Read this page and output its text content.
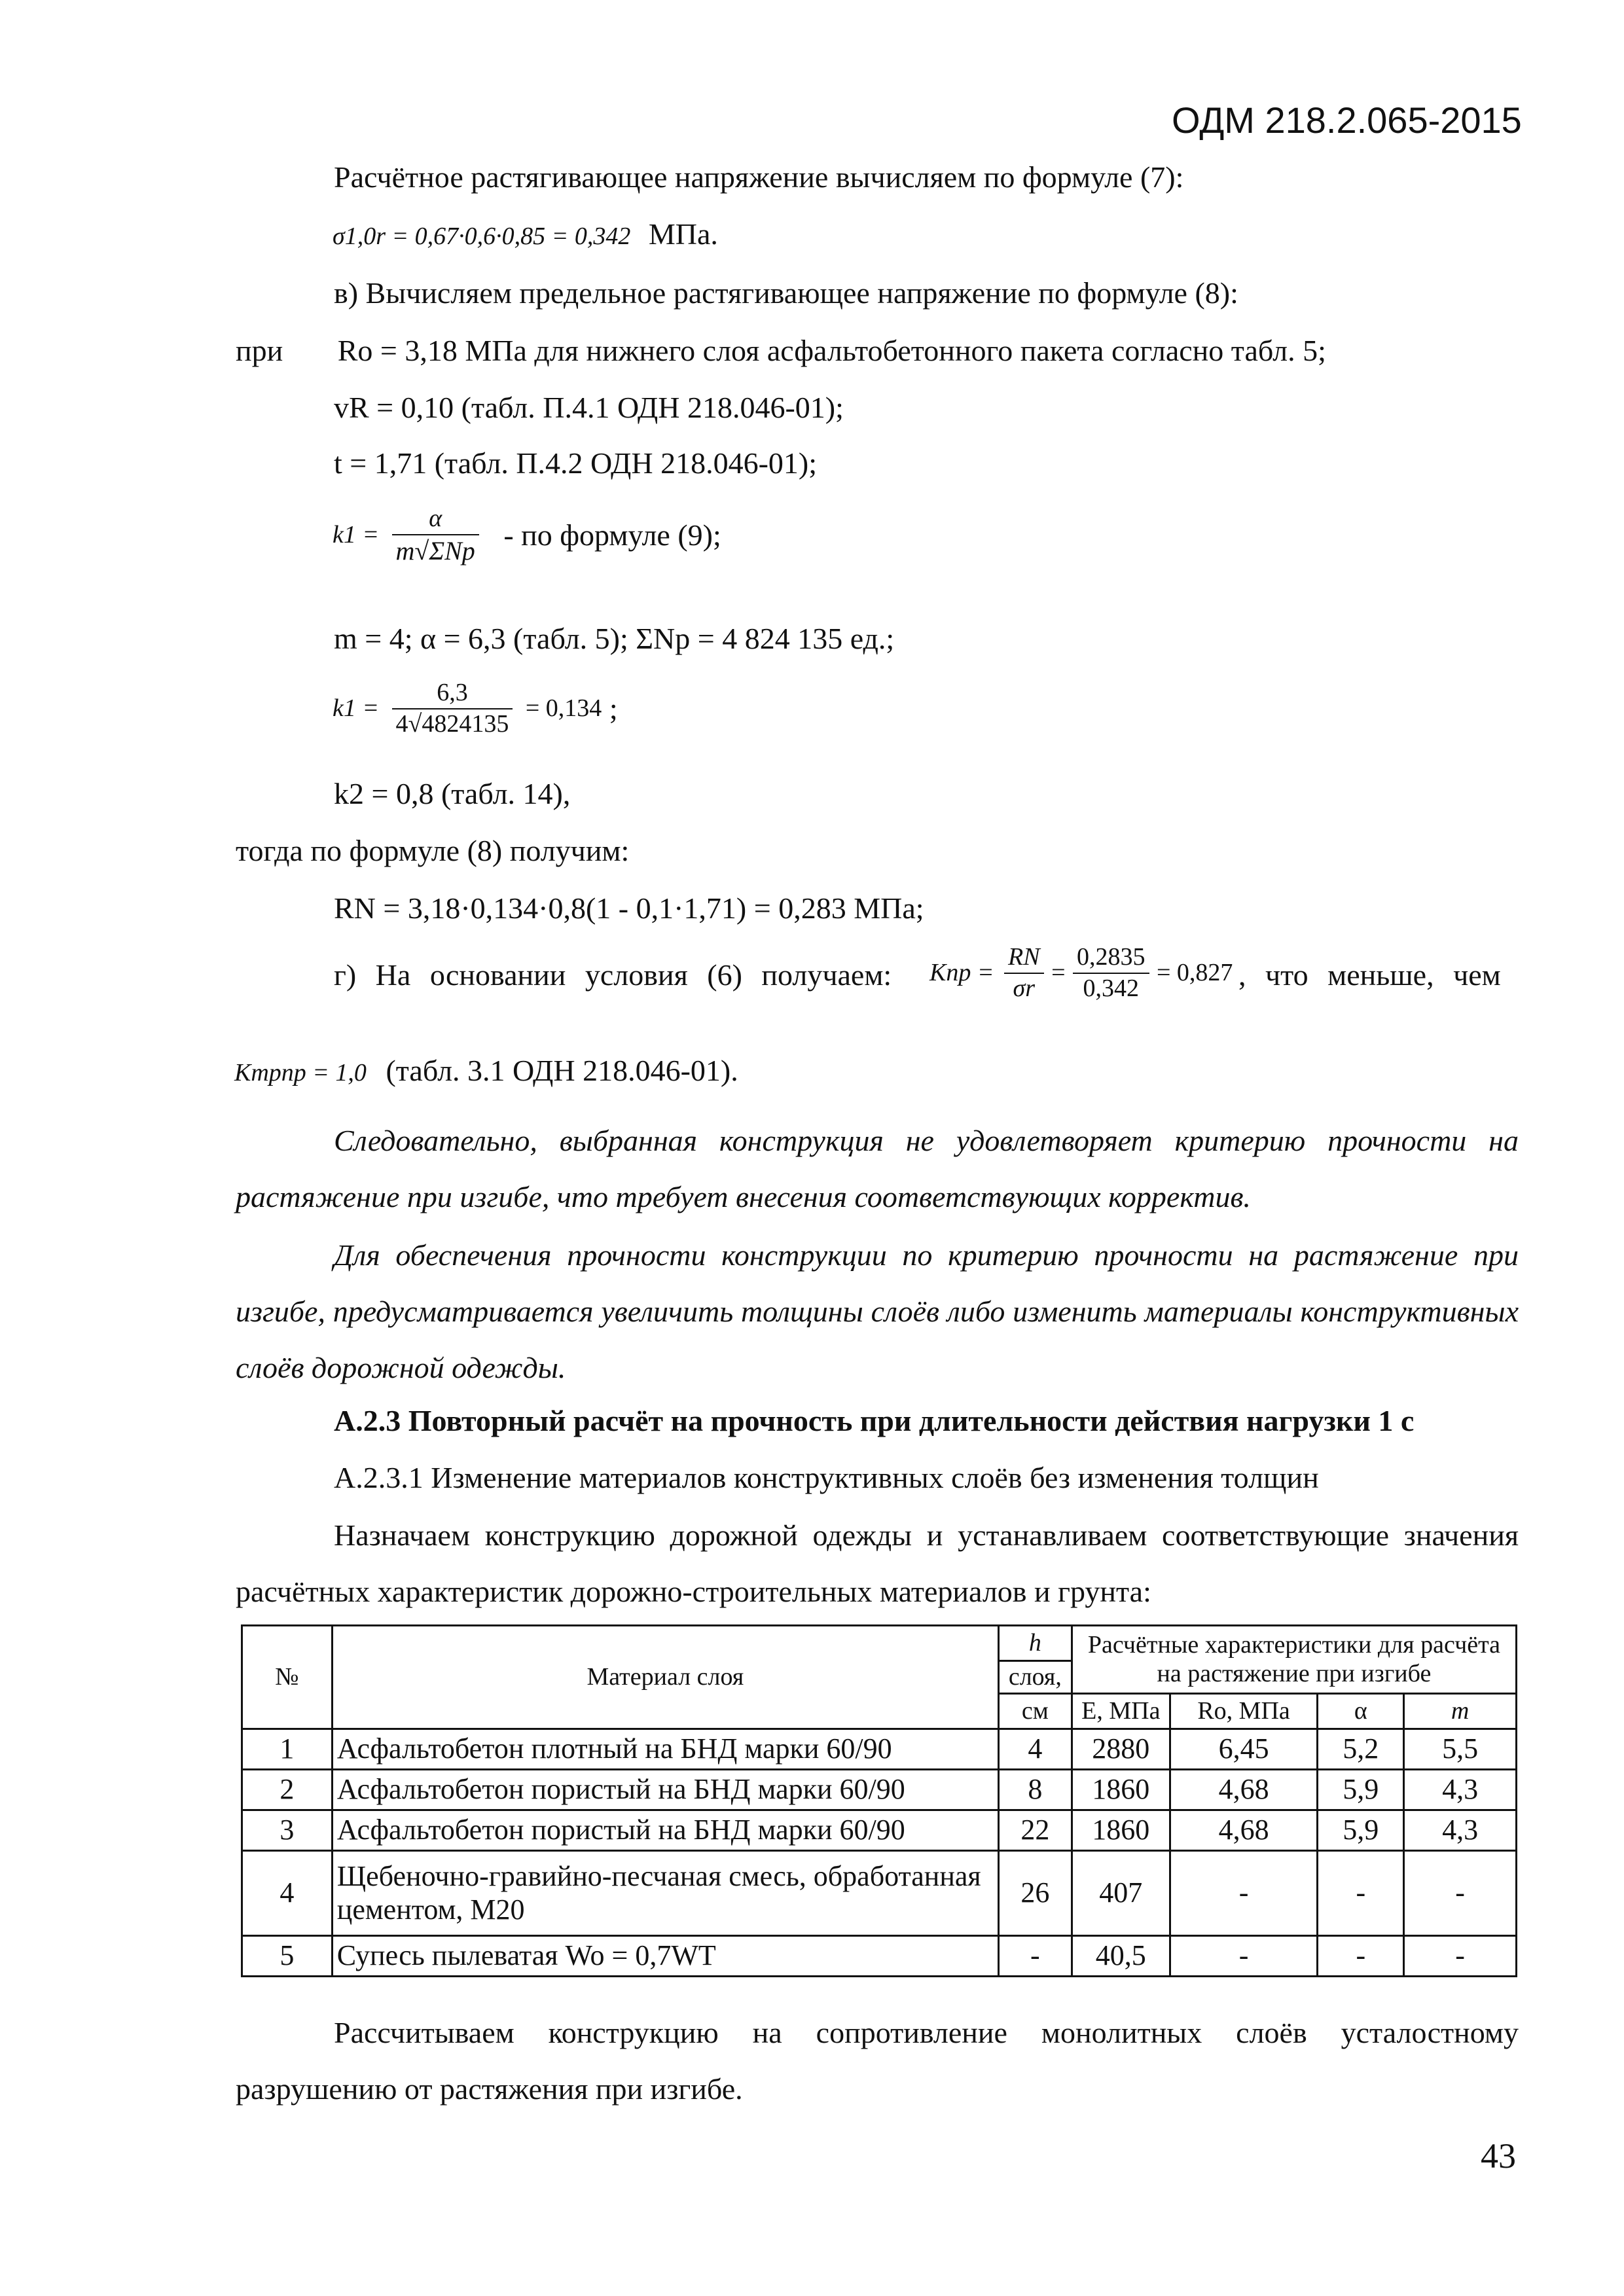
ОДМ 218.2.065-2015
Расчётное растягивающее напряжение вычисляем по формуле (7):
σ1,0r = 0,67·0,6·0,85 = 0,342 МПа.
в) Вычисляем предельное растягивающее напряжение по формуле (8):
при Ro = 3,18 МПа для нижнего слоя асфальтобетонного пакета согласно табл. 5;
vR = 0,10 (табл. П.4.1 ОДН 218.046-01);
t = 1,71 (табл. П.4.2 ОДН 218.046-01);
$k1 = \frac{\alpha}{\text{m√ΣNp}}$ - по формуле (9);
m = 4; α = 6,3 (табл. 5); ΣNp = 4 824 135 ед.;
$k1 = \frac{6,3}{4√4824135} = 0,134$ ;
k2 = 0,8 (табл. 14),
тогда по формуле (8) получим:
RN = 3,18·0,134·0,8(1 - 0,1·1,71) = 0,283 МПа;
г) На основании условия (6) получаем: Kпр = $\frac{RN}{\sigma r} = \frac{0,2835}{0,342} = 0,827$ , что меньше, чем
Kтрпр = 1,0 (табл. 3.1 ОДН 218.046-01).
Следовательно, выбранная конструкция не удовлетворяет критерию прочности на растяжение при изгибе, что требует внесения соответствующих корректив.
Для обеспечения прочности конструкции по критерию прочности на растяжение при изгибе, предусматривается увеличить толщины слоёв либо изменить материалы конструктивных слоёв дорожной одежды.
А.2.3 Повторный расчёт на прочность при длительности действия нагрузки 1 с
А.2.3.1 Изменение материалов конструктивных слоёв без изменения толщин
Назначаем конструкцию дорожной одежды и устанавливаем соответствующие значения расчётных характеристик дорожно-строительных материалов и грунта:
№	Материал слоя	h	Расчётные характеристики для расчёта на растяжение при изгибе			
		слоя,				
		см	E, МПа	Ro, МПа	α	m
1	Асфальтобетон плотный на БНД марки 60/90	4	2880	6,45	5,2	5,5
2	Асфальтобетон пористый на БНД марки 60/90	8	1860	4,68	5,9	4,3
3	Асфальтобетон пористый на БНД марки 60/90	22	1860	4,68	5,9	4,3
4	Щебеночно-гравийно-песчаная смесь, обработанная цементом, М20	26	407	-	-	-
5	Супесь пылеватая Wo = 0,7WT	-	40,5	-	-	-
Рассчитываем конструкцию на сопротивление монолитных слоёв усталостному разрушению от растяжения при изгибе.
43
